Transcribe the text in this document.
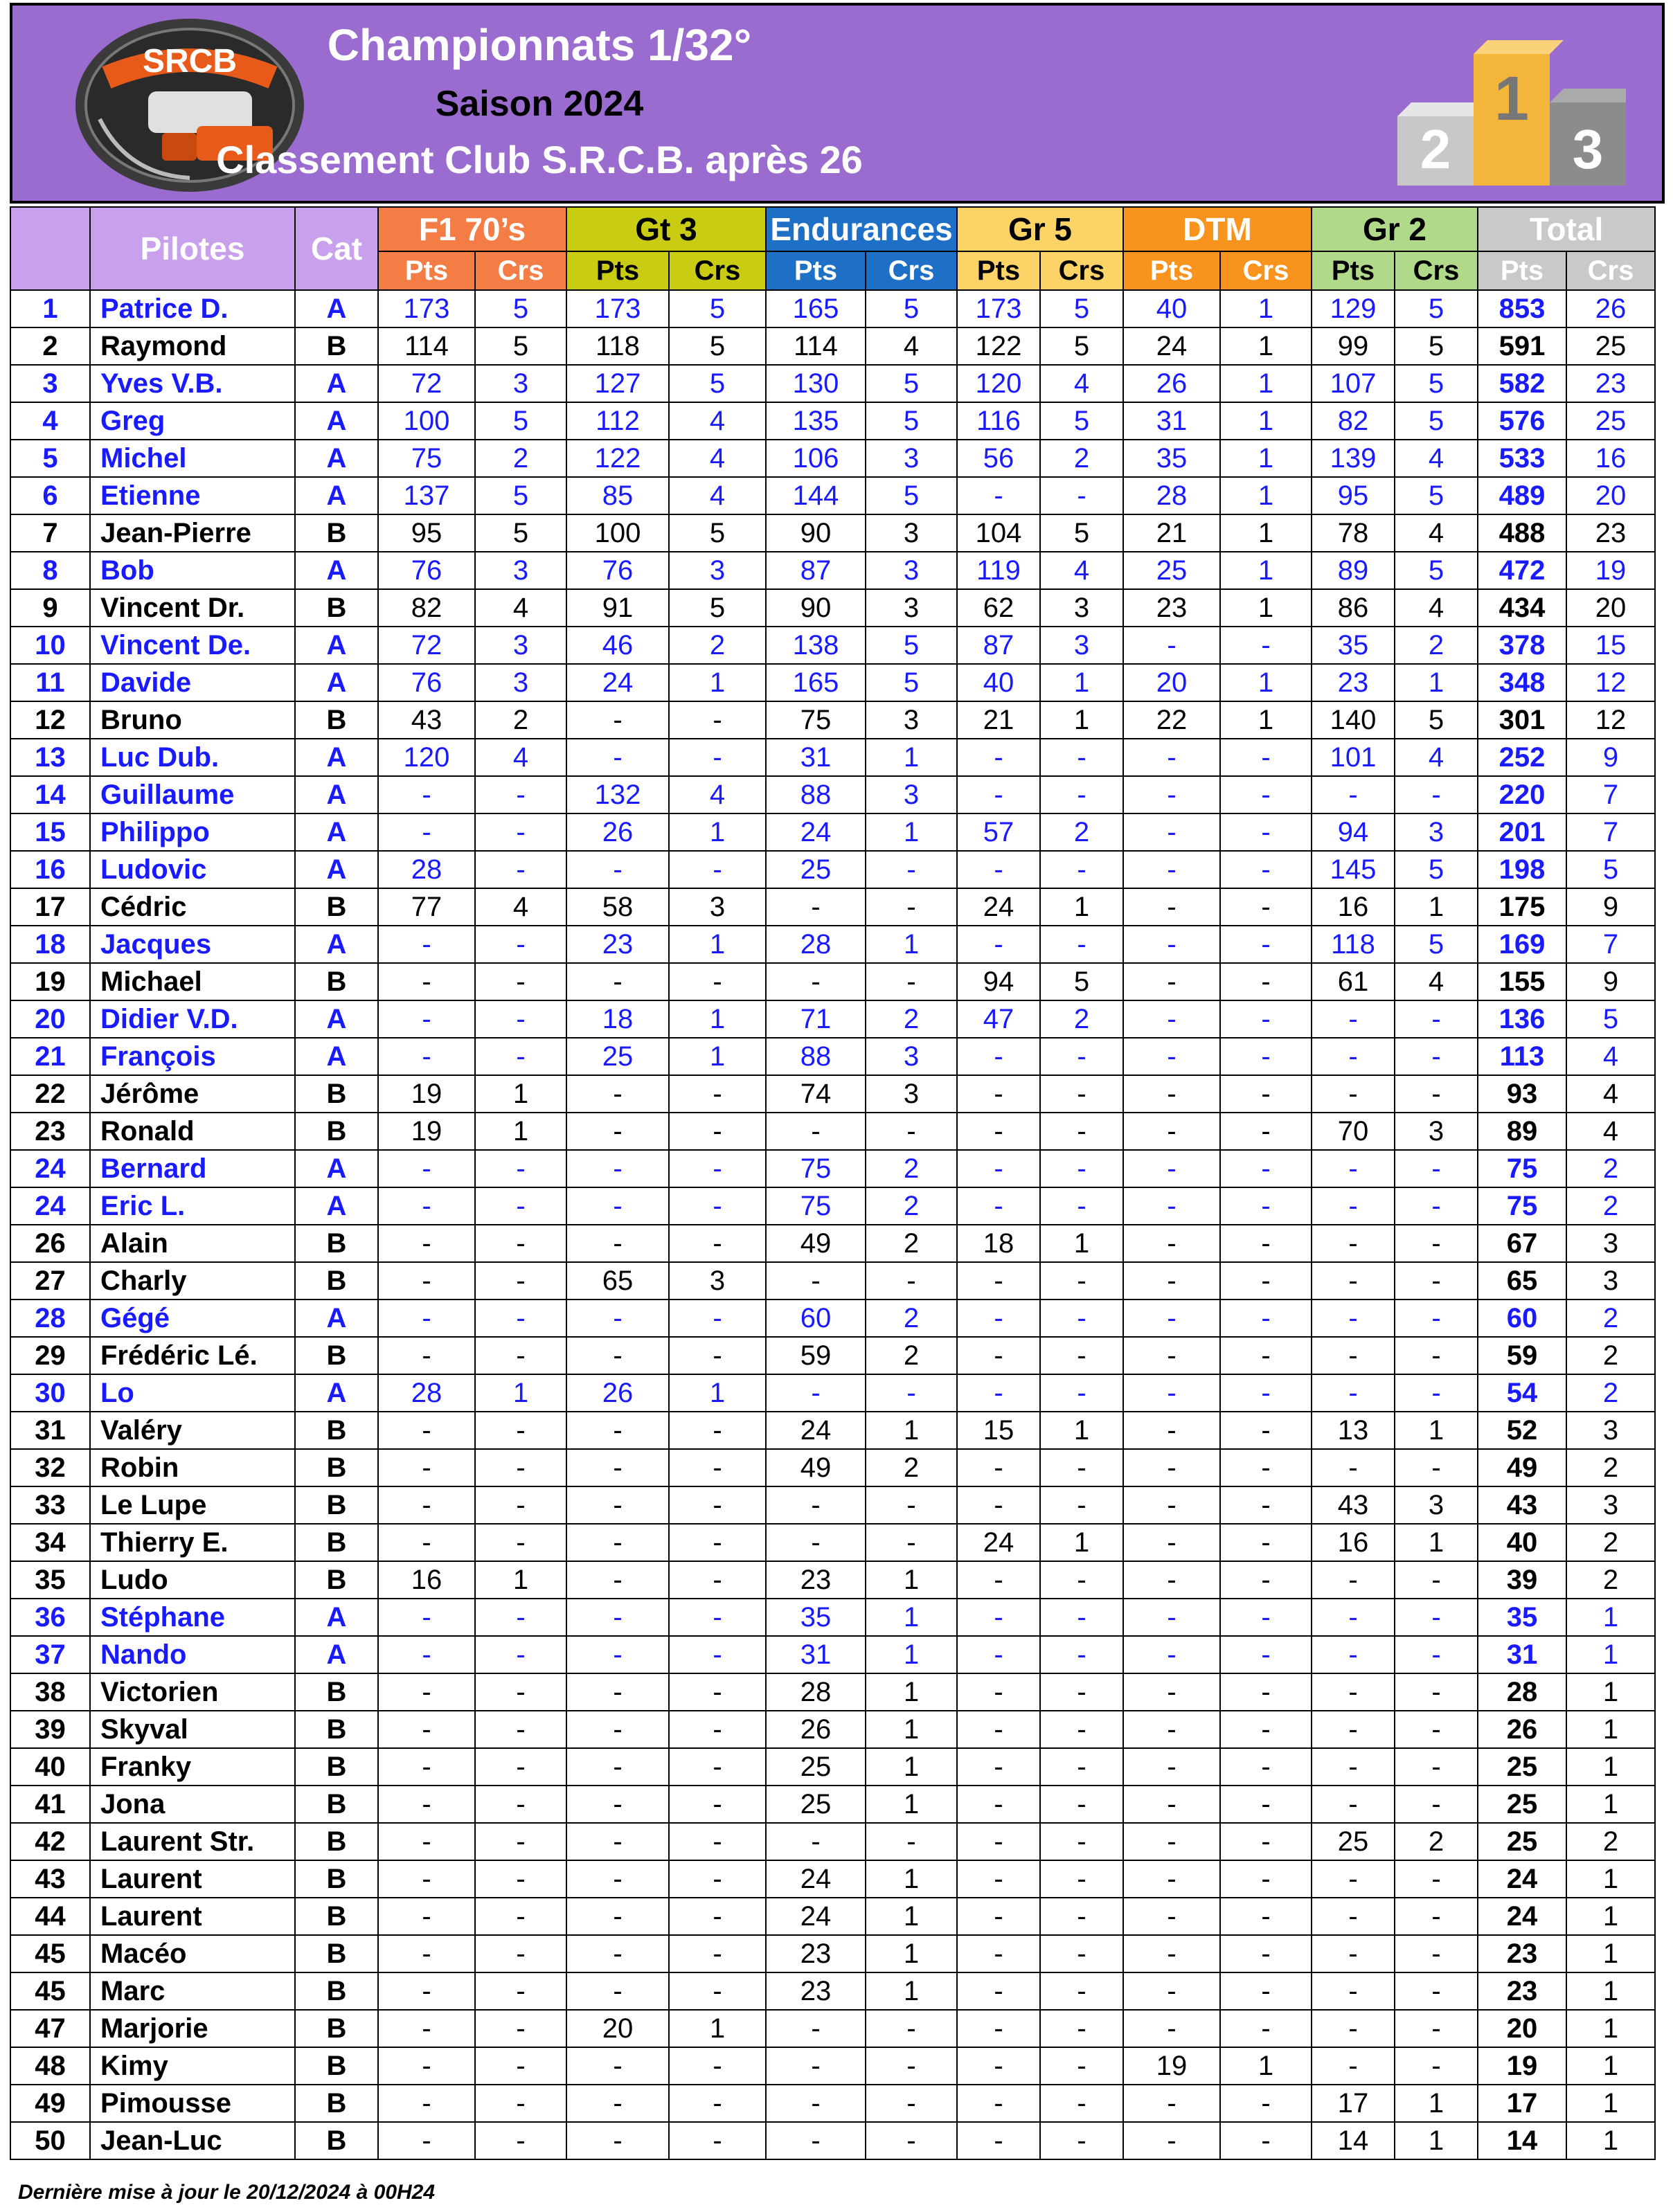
SRCB	Championnats 1/32°
Saison 2024
Classement Club S.R.C.B. après 26	2
1
3
	Pilotes	Cat	F1 70’s		Gt 3		Endurances		Gr 5		DTM		Gr 2		Total	
			Pts	Crs	Pts	Crs	Pts	Crs	Pts	Crs	Pts	Crs	Pts	Crs	Pts	Crs
1	Patrice D.	A	173	5	173	5	165	5	173	5	40	1	129	5	853	26
2	Raymond	B	114	5	118	5	114	4	122	5	24	1	99	5	591	25
3	Yves V.B.	A	72	3	127	5	130	5	120	4	26	1	107	5	582	23
4	Greg	A	100	5	112	4	135	5	116	5	31	1	82	5	576	25
5	Michel	A	75	2	122	4	106	3	56	2	35	1	139	4	533	16
6	Etienne	A	137	5	85	4	144	5	-	-	28	1	95	5	489	20
7	Jean-Pierre	B	95	5	100	5	90	3	104	5	21	1	78	4	488	23
8	Bob	A	76	3	76	3	87	3	119	4	25	1	89	5	472	19
9	Vincent Dr.	B	82	4	91	5	90	3	62	3	23	1	86	4	434	20
10	Vincent De.	A	72	3	46	2	138	5	87	3	-	-	35	2	378	15
11	Davide	A	76	3	24	1	165	5	40	1	20	1	23	1	348	12
12	Bruno	B	43	2	-	-	75	3	21	1	22	1	140	5	301	12
13	Luc Dub.	A	120	4	-	-	31	1	-	-	-	-	101	4	252	9
14	Guillaume	A	-	-	132	4	88	3	-	-	-	-	-	-	220	7
15	Philippo	A	-	-	26	1	24	1	57	2	-	-	94	3	201	7
16	Ludovic	A	28	-	-	-	25	-	-	-	-	-	145	5	198	5
17	Cédric	B	77	4	58	3	-	-	24	1	-	-	16	1	175	9
18	Jacques	A	-	-	23	1	28	1	-	-	-	-	118	5	169	7
19	Michael	B	-	-	-	-	-	-	94	5	-	-	61	4	155	9
20	Didier V.D.	A	-	-	18	1	71	2	47	2	-	-	-	-	136	5
21	François	A	-	-	25	1	88	3	-	-	-	-	-	-	113	4
22	Jérôme	B	19	1	-	-	74	3	-	-	-	-	-	-	93	4
23	Ronald	B	19	1	-	-	-	-	-	-	-	-	70	3	89	4
24	Bernard	A	-	-	-	-	75	2	-	-	-	-	-	-	75	2
24	Eric L.	A	-	-	-	-	75	2	-	-	-	-	-	-	75	2
26	Alain	B	-	-	-	-	49	2	18	1	-	-	-	-	67	3
27	Charly	B	-	-	65	3	-	-	-	-	-	-	-	-	65	3
28	Gégé	A	-	-	-	-	60	2	-	-	-	-	-	-	60	2
29	Frédéric Lé.	B	-	-	-	-	59	2	-	-	-	-	-	-	59	2
30	Lo	A	28	1	26	1	-	-	-	-	-	-	-	-	54	2
31	Valéry	B	-	-	-	-	24	1	15	1	-	-	13	1	52	3
32	Robin	B	-	-	-	-	49	2	-	-	-	-	-	-	49	2
33	Le Lupe	B	-	-	-	-	-	-	-	-	-	-	43	3	43	3
34	Thierry E.	B	-	-	-	-	-	-	24	1	-	-	16	1	40	2
35	Ludo	B	16	1	-	-	23	1	-	-	-	-	-	-	39	2
36	Stéphane	A	-	-	-	-	35	1	-	-	-	-	-	-	35	1
37	Nando	A	-	-	-	-	31	1	-	-	-	-	-	-	31	1
38	Victorien	B	-	-	-	-	28	1	-	-	-	-	-	-	28	1
39	Skyval	B	-	-	-	-	26	1	-	-	-	-	-	-	26	1
40	Franky	B	-	-	-	-	25	1	-	-	-	-	-	-	25	1
41	Jona	B	-	-	-	-	25	1	-	-	-	-	-	-	25	1
42	Laurent Str.	B	-	-	-	-	-	-	-	-	-	-	25	2	25	2
43	Laurent	B	-	-	-	-	24	1	-	-	-	-	-	-	24	1
44	Laurent	B	-	-	-	-	24	1	-	-	-	-	-	-	24	1
45	Macéo	B	-	-	-	-	23	1	-	-	-	-	-	-	23	1
45	Marc	B	-	-	-	-	23	1	-	-	-	-	-	-	23	1
47	Marjorie	B	-	-	20	1	-	-	-	-	-	-	-	-	20	1
48	Kimy	B	-	-	-	-	-	-	-	-	19	1	-	-	19	1
49	Pimousse	B	-	-	-	-	-	-	-	-	-	-	17	1	17	1
50	Jean-Luc	B	-	-	-	-	-	-	-	-	-	-	14	1	14	1
Dernière mise à jour le 20/12/2024 à 00H24
